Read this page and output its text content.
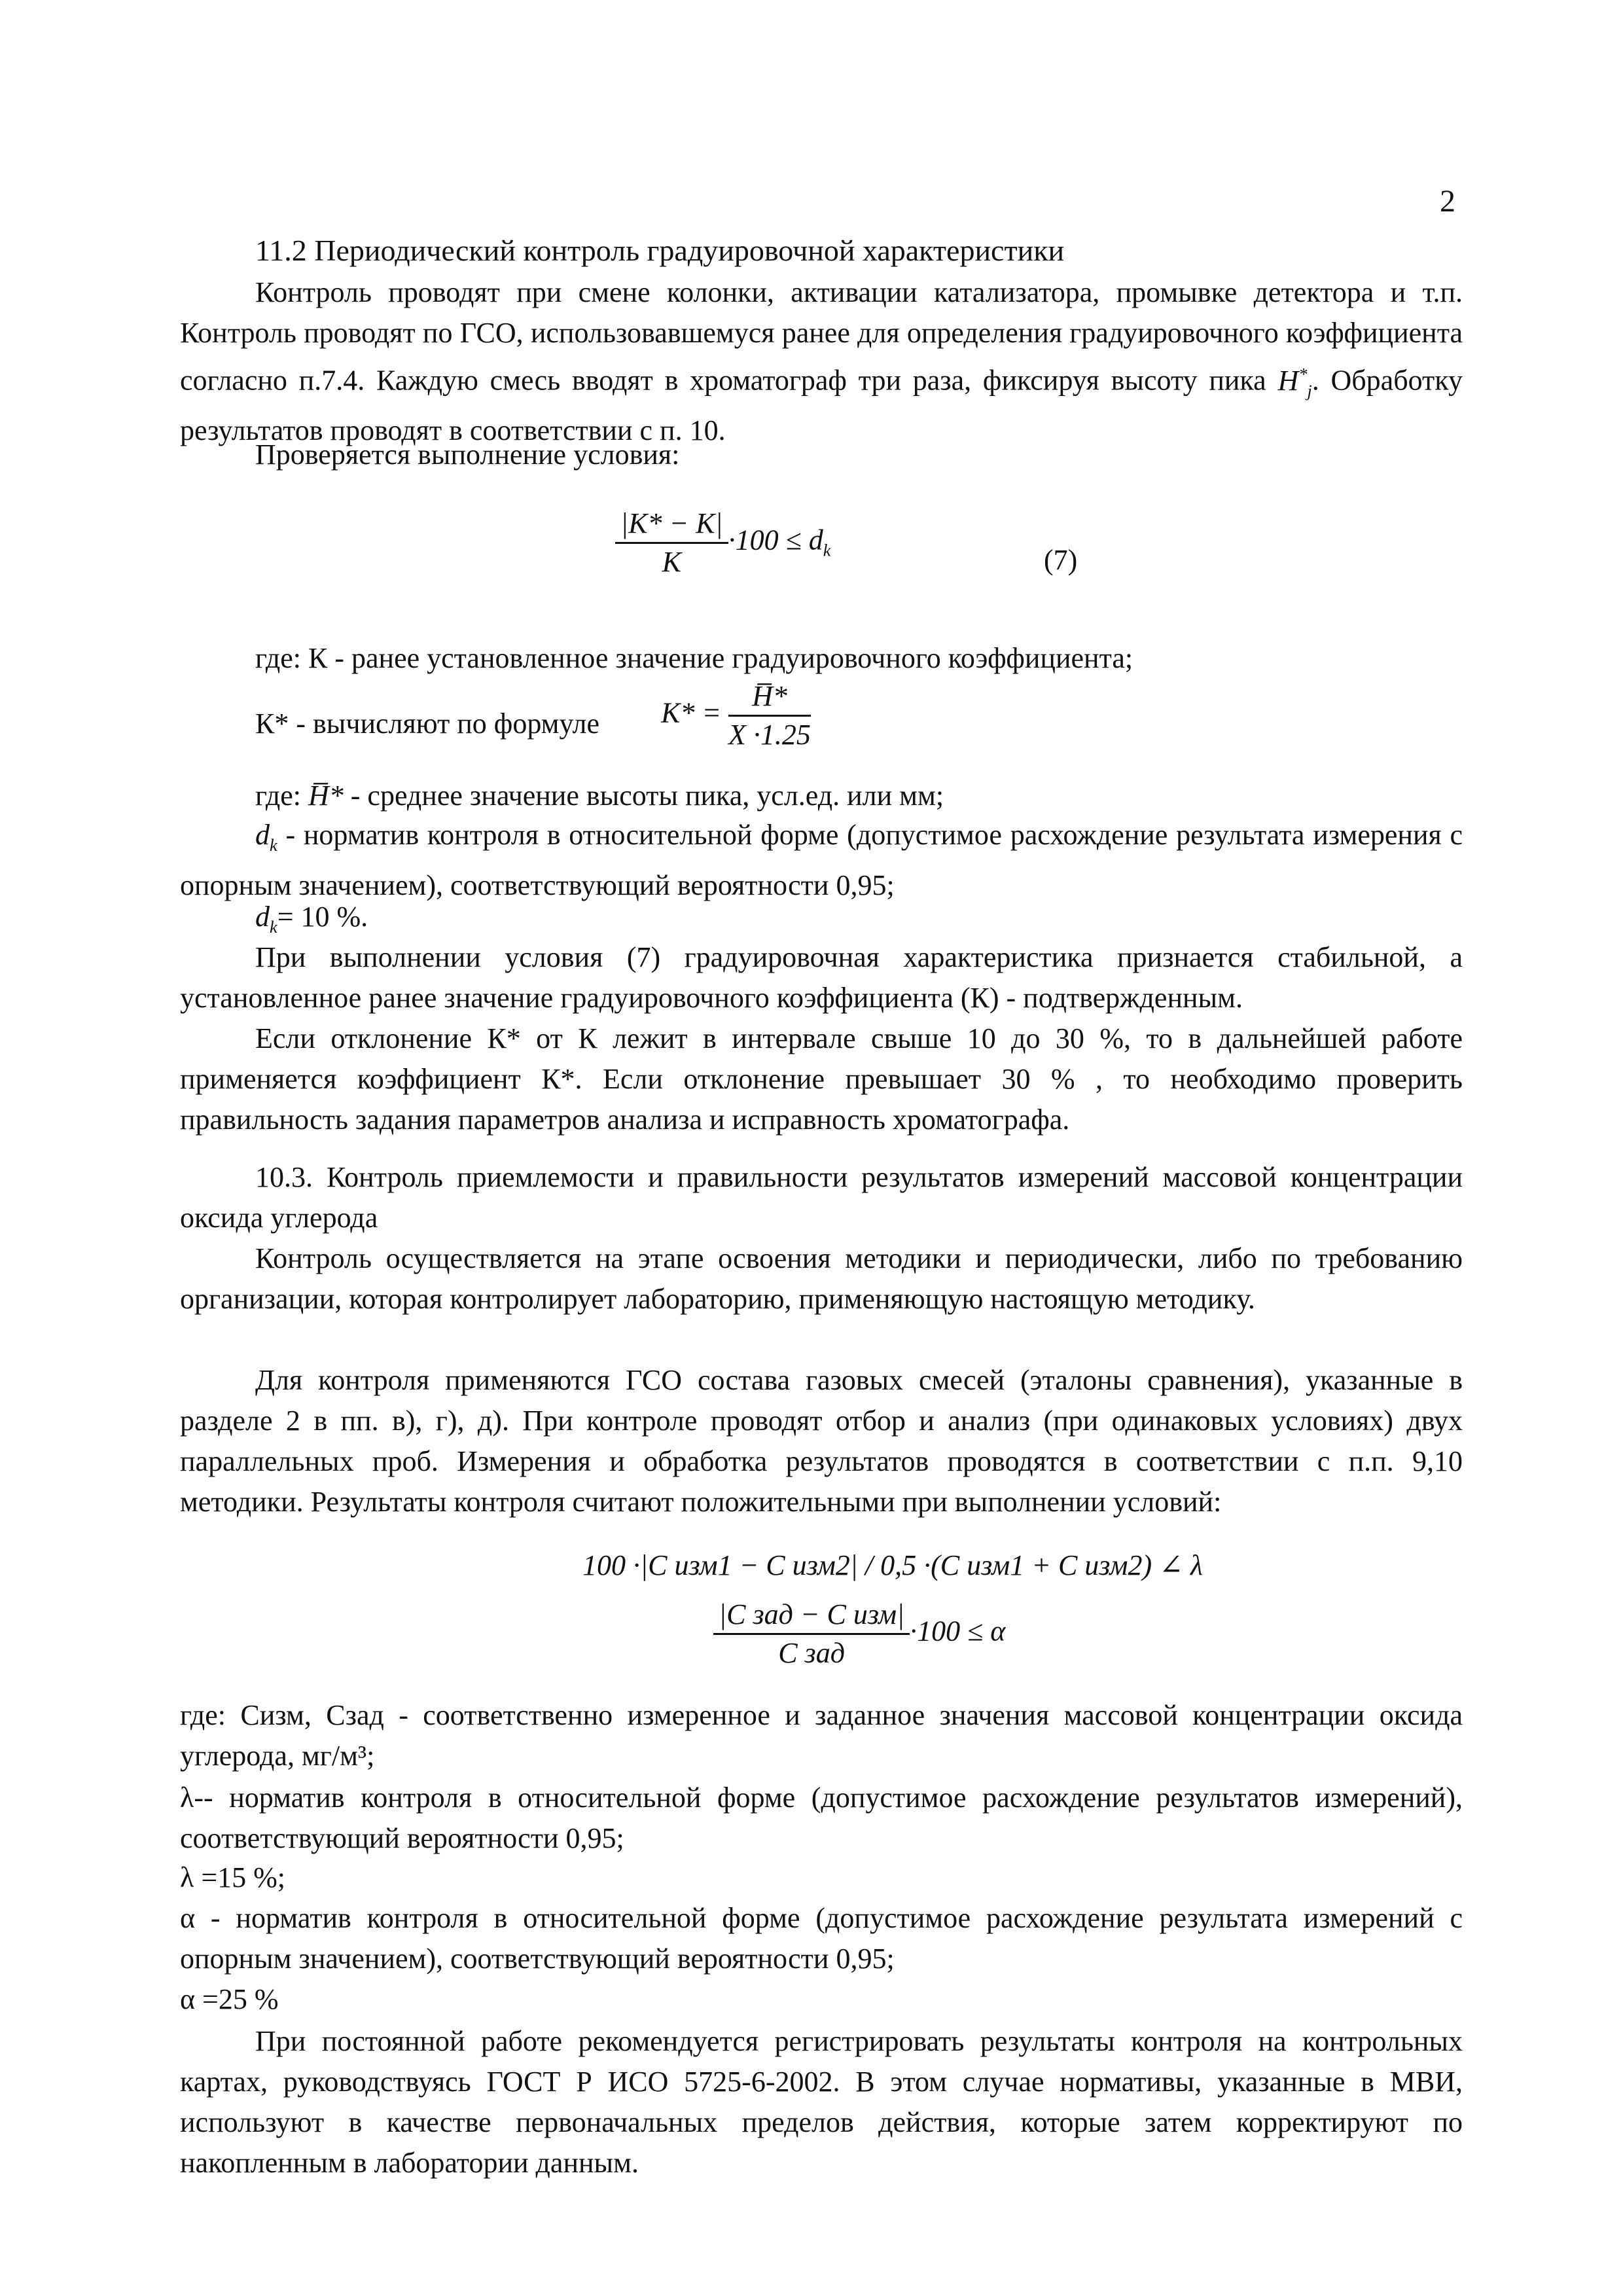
2
11.2 Периодический контроль градуировочной характеристики

Контроль проводят при смене колонки, активации катализатора, промывке детектора и т.п. Контроль проводят по ГСО, использовавшемуся ранее для определения градуировочного коэффициента согласно п.7.4. Каждую смесь вводят в хроматограф три раза, фиксируя высоту пика $H^*_j$. Обработку результатов проводят в соответствии с п. 10.

Проверяется выполнение условия:
$\frac{|K* - K|}{K} \cdot 100 \le d_k$	(7)
где: К - ранее установленное значение градуировочного коэффициента;
К* - вычисляют по формуле $K* = \frac{H̅*}{X \cdot 1.25}$
где: H̅* - среднее значение высоты пика, усл.ед. или мм;

$d_k$ - норматив контроля в относительной форме (допустимое расхождение результата измерения с опорным значением), соответствующий вероятности 0,95;

$d_k= 10$ %.

При выполнении условия (7) градуировочная характеристика признается стабильной, а установленное ранее значение градуировочного коэффициента (К) - подтвержденным.

Если отклонение К* от К лежит в интервале свыше 10 до 30 %, то в дальнейшей работе применяется коэффициент К*. Если отклонение превышает 30 % , то необходимо проверить правильность задания параметров анализа и исправность хроматографа.

10.3. Контроль приемлемости и правильности результатов измерений массовой концентрации оксида углерода

Контроль осуществляется на этапе освоения методики и периодически, либо по требованию организации, которая контролирует лабораторию, применяющую настоящую методику.

Для контроля применяются ГСО состава газовых смесей (эталоны сравнения), указанные в разделе 2 в пп. в), г), д). При контроле проводят отбор и анализ (при одинаковых условиях) двух параллельных проб. Измерения и обработка результатов проводятся в соответствии с п.п. 9,10 методики. Результаты контроля считают положительными при выполнении условий:

100 ·|C изм1 − C изм2| / 0,5 ·(C изм1 + C изм2) ∠ λ
$\frac{\text{|C зад − C изм|}}{\text{C зад}} \cdot 100 \le \alpha$

где: Сизм, Сзад - соответственно измеренное и заданное значения массовой концентрации оксида углерода, мг/м³;

λ-- норматив контроля в относительной форме (допустимое расхождение результатов измерений), соответствующий вероятности 0,95;

λ =15 %;

α - норматив контроля в относительной форме (допустимое расхождение результата измерений с опорным значением), соответствующий вероятности 0,95;

α =25 %

При постоянной работе рекомендуется регистрировать результаты контроля на контрольных картах, руководствуясь ГОСТ Р ИСО 5725-6-2002. В этом случае нормативы, указанные в МВИ, используют в качестве первоначальных пределов действия, которые затем корректируют по накопленным в лаборатории данным.
